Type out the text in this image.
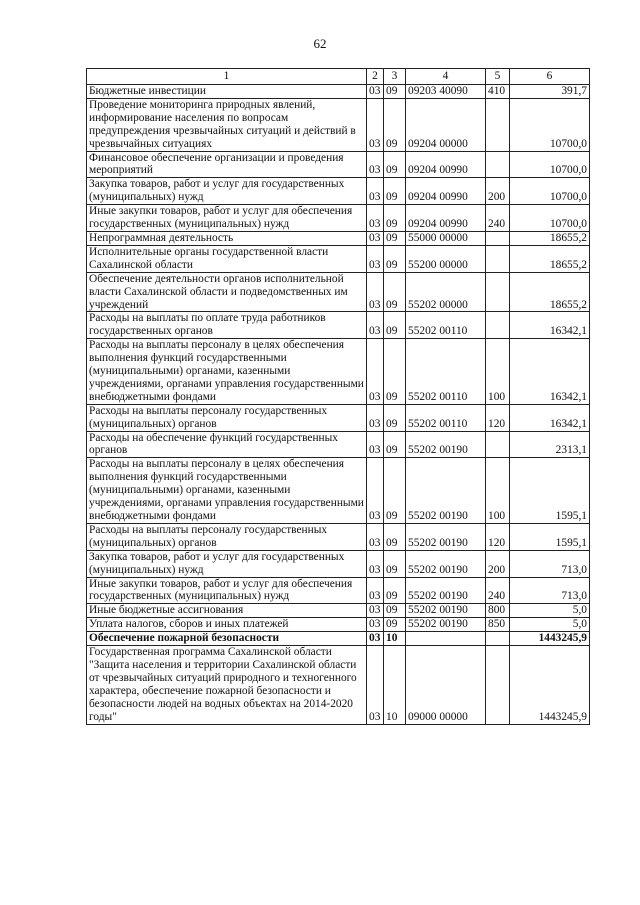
62
1	2	3	4	5	6
Бюджетные инвестиции	03	09	09203 40090	410	391,7
Проведение мониторинга природных явлений, информирование населения по вопросам предупреждения чрезвычайных ситуаций и действий в чрезвычайных ситуациях	03	09	09204 00000		10700,0
Финансовое обеспечение организации и проведения мероприятий	03	09	09204 00990		10700,0
Закупка товаров, работ и услуг для государственных (муниципальных) нужд	03	09	09204 00990	200	10700,0
Иные закупки товаров, работ и услуг для обеспечения государственных (муниципальных) нужд	03	09	09204 00990	240	10700,0
Непрограммная деятельность	03	09	55000 00000		18655,2
Исполнительные органы государственной власти Сахалинской области	03	09	55200 00000		18655,2
Обеспечение деятельности органов исполнительной власти Сахалинской области и подведомственных им учреждений	03	09	55202 00000		18655,2
Расходы на выплаты по оплате труда работников государственных органов	03	09	55202 00110		16342,1
Расходы на выплаты персоналу в целях обеспечения выполнения функций государственными (муниципальными) органами, казенными учреждениями, органами управления государственными внебюджетными фондами	03	09	55202 00110	100	16342,1
Расходы на выплаты персоналу государственных (муниципальных) органов	03	09	55202 00110	120	16342,1
Расходы на обеспечение функций государственных органов	03	09	55202 00190		2313,1
Расходы на выплаты персоналу в целях обеспечения выполнения функций государственными (муниципальными) органами, казенными учреждениями, органами управления государственными внебюджетными фондами	03	09	55202 00190	100	1595,1
Расходы на выплаты персоналу государственных (муниципальных) органов	03	09	55202 00190	120	1595,1
Закупка товаров, работ и услуг для государственных (муниципальных) нужд	03	09	55202 00190	200	713,0
Иные закупки товаров, работ и услуг для обеспечения государственных (муниципальных) нужд	03	09	55202 00190	240	713,0
Иные бюджетные ассигнования	03	09	55202 00190	800	5,0
Уплата налогов, сборов и иных платежей	03	09	55202 00190	850	5,0
Обеспечение пожарной безопасности	03	10			1443245,9
Государственная программа Сахалинской области "Защита населения и территории Сахалинской области от чрезвычайных ситуаций природного и техногенного характера, обеспечение пожарной безопасности и безопасности людей на водных объектах на 2014-2020 годы"	03	10	09000 00000		1443245,9
